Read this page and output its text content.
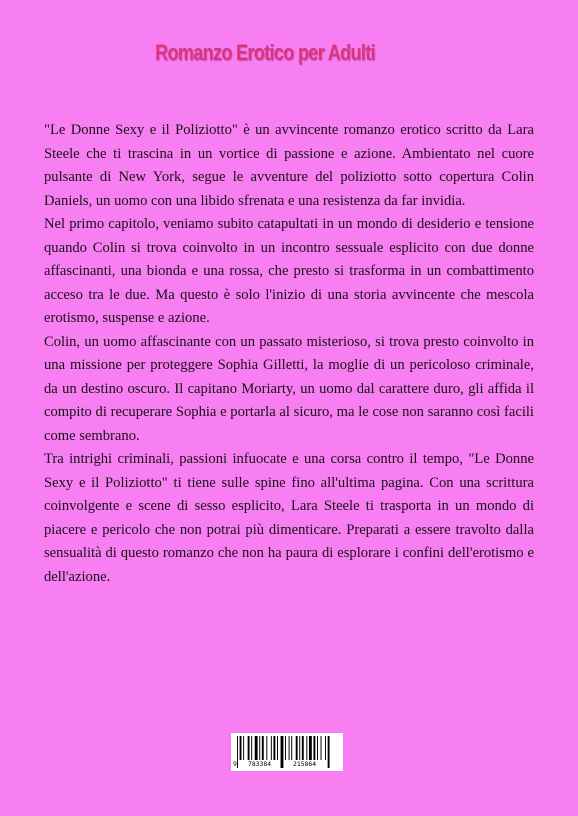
Romanzo Erotico per Adulti

"Le Donne Sexy e il Poliziotto" è un avvincente romanzo erotico scritto da Lara Steele che ti trascina in un vortice di passione e azione. Ambientato nel cuore pulsante di New York, segue le avventure del poliziotto sotto copertura Colin Daniels, un uomo con una libido sfrenata e una resistenza da far invidia.

Nel primo capitolo, veniamo subito catapultati in un mondo di desiderio e tensione quando Colin si trova coinvolto in un incontro sessuale esplicito con due donne affascinanti, una bionda e una rossa, che presto si trasforma in un combattimento acceso tra le due. Ma questo è solo l'inizio di una storia avvincente che mescola erotismo, suspense e azione.

Colin, un uomo affascinante con un passato misterioso, si trova presto coinvolto in una missione per proteggere Sophia Gilletti, la moglie di un pericoloso criminale, da un destino oscuro. Il capitano Moriarty, un uomo dal carattere duro, gli affida il compito di recuperare Sophia e portarla al sicuro, ma le cose non saranno così facili come sembrano.

Tra intrighi criminali, passioni infuocate e una corsa contro il tempo, "Le Donne Sexy e il Poliziotto" ti tiene sulle spine fino all'ultima pagina. Con una scrittura coinvolgente e scene di sesso esplicito, Lara Steele ti trasporta in un mondo di piacere e pericolo che non potrai più dimenticare. Preparati a essere travolto dalla sensualità di questo romanzo che non ha paura di esplorare i confini dell'erotismo e dell'azione.

9 783384	215864
